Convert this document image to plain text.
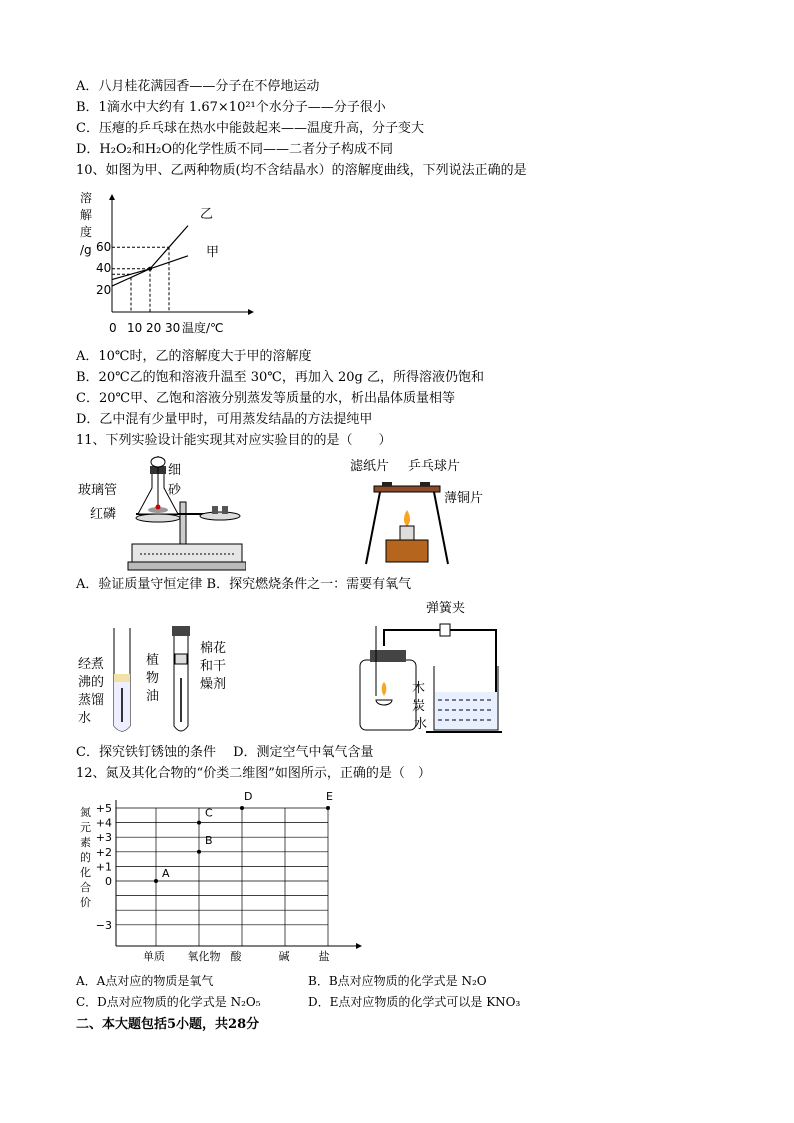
A．八月桂花满园香——分子在不停地运动
B．1滴水中大约有 1.67×10²¹个水分子——分子很小
C．压瘪的乒乓球在热水中能鼓起来——温度升高，分子变大
D．H₂O₂和H₂O的化学性质不同——二者分子构成不同
10、如图为甲、乙两种物质(均不含结晶水）的溶解度曲线，下列说法正确的是
溶
解
度
/g 60
40
20
0 10 20 30 温度/℃
乙
甲
A．10℃时，乙的溶解度大于甲的溶解度
B．20℃乙的饱和溶液升温至 30℃，再加入 20g 乙，所得溶液仍饱和
C．20℃甲、乙饱和溶液分别蒸发等质量的水，析出晶体质量相等
D．乙中混有少量甲时，可用蒸发结晶的方法提纯甲
11、下列实验设计能实现其对应实验目的的是（　　）
细
砂
玻璃管
红磷
滤纸片 乒乓球片
薄铜片
A．验证质量守恒定律 B．探究燃烧条件之一：需要有氧气
经煮
沸的
蒸馏
水
植
物
油
棉花
和干
燥剂
弹簧夹
木
炭
水
C．探究铁钉锈蚀的条件　 D．测定空气中氧气含量
12、氮及其化合物的“价类二维图”如图所示，正确的是（　）
氮
元
素
的
化
合
价
+5
+4
+3
+2
+1
0
−3
单质 氧化物 酸	碱	盐
A
B
C
D	E
A．A点对应的物质是氧气	B．B点对应物质的化学式是 N₂O
C．D点对应物质的化学式是 N₂O₅	D．E点对应物质的化学式可以是 KNO₃
二、本大题包括5小题，共28分
